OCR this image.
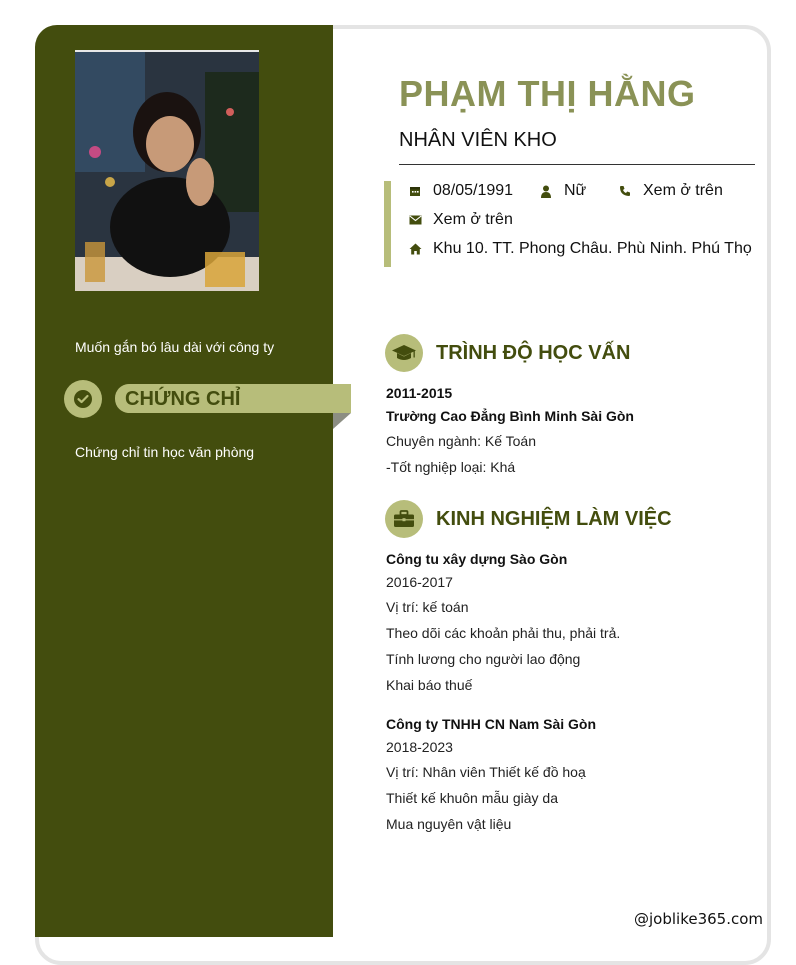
Muốn gắn bó lâu dài với công ty
CHỨNG CHỈ
Chứng chỉ tin học văn phòng
PHẠM THỊ HẰNG
NHÂN VIÊN KHO
08/05/1991	Nữ	Xem ở trên
Xem ở trên
Khu 10. TT. Phong Châu. Phù Ninh. Phú Thọ
TRÌNH ĐỘ HỌC VẤN
2011-2015
Trường Cao Đẳng Bình Minh Sài Gòn
Chuyên ngành: Kế Toán
-Tốt nghiệp loại: Khá
KINH NGHIỆM LÀM VIỆC
Công tu xây dựng Sào Gòn
2016-2017
Vị trí: kế toán
Theo dõi các khoản phải thu, phải trả.
Tính lương cho người lao động
Khai báo thuế
Công ty TNHH CN Nam Sài Gòn
2018-2023
Vị trí: Nhân viên Thiết kế đồ hoạ
Thiết kế khuôn mẫu giày da
Mua nguyên vật liệu
@joblike365.com
